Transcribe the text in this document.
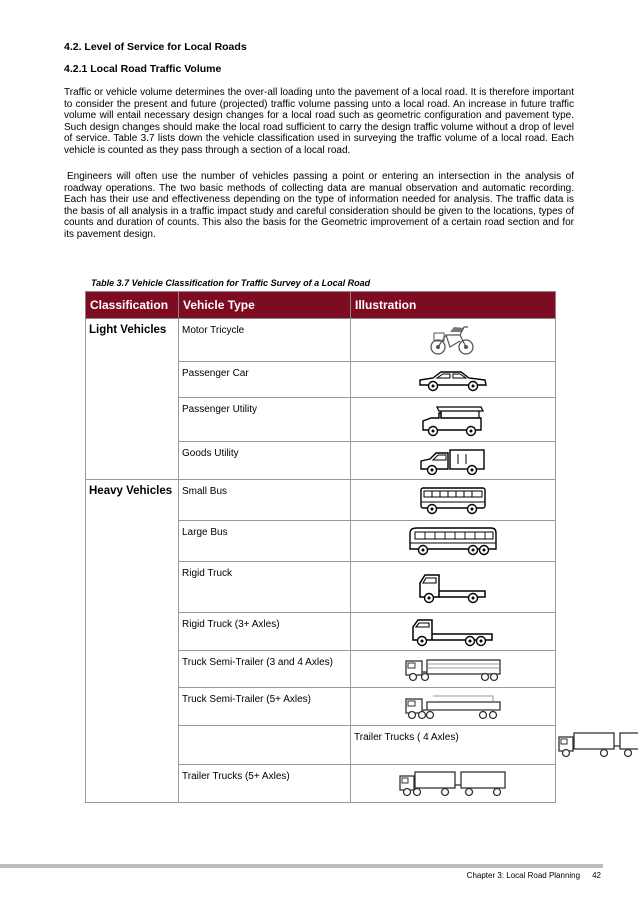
4.2. Level of Service for Local Roads
4.2.1 Local Road Traffic Volume

Traffic or vehicle volume determines the over-all loading unto the pavement of a local road. It is therefore important to consider the present and future (projected) traffic volume passing unto a local road. An increase in future traffic volume will entail necessary design changes for a local road such as geometric configuration and pavement type. Such design changes should make the local road sufficient to carry the design traffic volume without a drop of level of service. Table 3.7 lists down the vehicle classification used in surveying the traffic volume of a local road. Each vehicle is counted as they pass through a section of a local road.

Engineers will often use the number of vehicles passing a point or entering an intersection in the analysis of roadway operations. The two basic methods of collecting data are manual observation and automatic recording. Each has their use and effectiveness depending on the type of information needed for analysis. The traffic data is the basis of all analysis in a traffic impact study and careful consideration should be given to the locations, types of counts and duration of counts. This also the basis for the Geometric improvement of a certain road section and for its pavement design.

Table 3.7 Vehicle Classification for Traffic Survey of a Local Road
Classification	Vehicle Type	Illustration	
Light Vehicles	Motor Tricycle	

	Passenger Car	

	Passenger Utility	

	Goods Utility	

Heavy Vehicles	Small Bus	

	Large Bus	

	Rigid Truck	

	Rigid Truck (3+ Axles)	

	Truck Semi-Trailer (3 and 4 Axles)	

	Truck Semi-Trailer (5+ Axles)	

		Trailer Trucks ( 4 Axles)	

	Trailer Trucks (5+ Axles)	
Chapter 3: Local Road Planning 42
